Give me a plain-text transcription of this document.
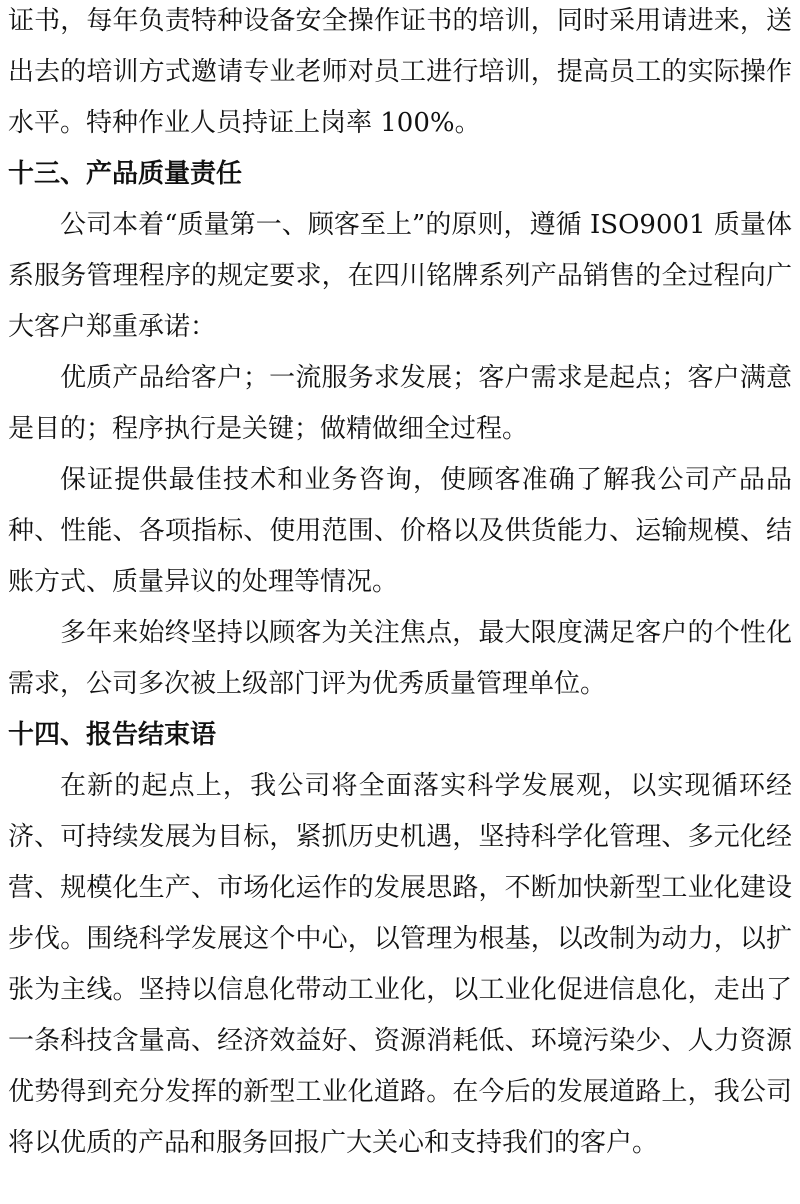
证书，每年负责特种设备安全操作证书的培训，同时采用请进来，送出去的培训方式邀请专业老师对员工进行培训，提高员工的实际操作水平。特种作业人员持证上岗率 100%。

十三、产品质量责任

公司本着“质量第一、顾客至上”的原则，遵循 ISO9001 质量体系服务管理程序的规定要求，在四川铭牌系列产品销售的全过程向广大客户郑重承诺：

优质产品给客户；一流服务求发展；客户需求是起点；客户满意是目的；程序执行是关键；做精做细全过程。

保证提供最佳技术和业务咨询，使顾客准确了解我公司产品品种、性能、各项指标、使用范围、价格以及供货能力、运输规模、结账方式、质量异议的处理等情况。

多年来始终坚持以顾客为关注焦点，最大限度满足客户的个性化需求，公司多次被上级部门评为优秀质量管理单位。

十四、报告结束语

在新的起点上，我公司将全面落实科学发展观，以实现循环经济、可持续发展为目标，紧抓历史机遇，坚持科学化管理、多元化经营、规模化生产、市场化运作的发展思路，不断加快新型工业化建设步伐。围绕科学发展这个中心，以管理为根基，以改制为动力，以扩张为主线。坚持以信息化带动工业化，以工业化促进信息化，走出了一条科技含量高、经济效益好、资源消耗低、环境污染少、人力资源优势得到充分发挥的新型工业化道路。在今后的发展道路上，我公司将以优质的产品和服务回报广大关心和支持我们的客户。
